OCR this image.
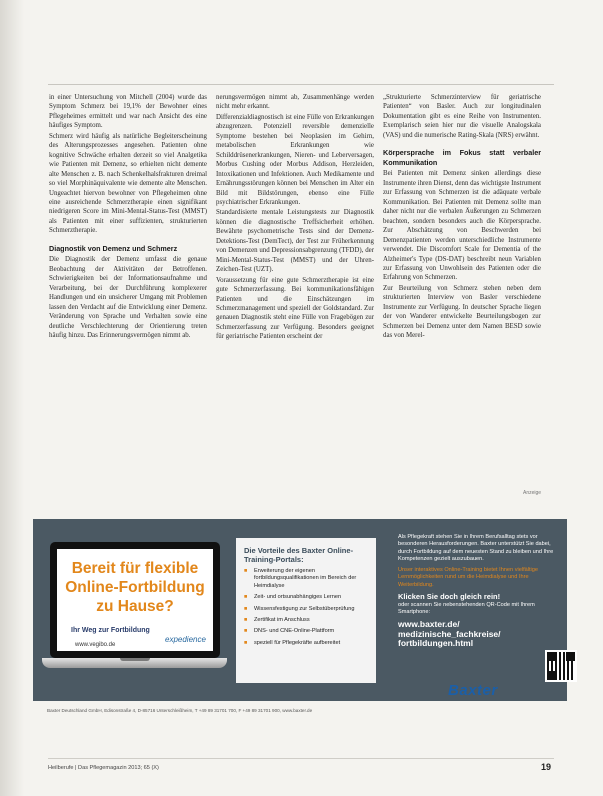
in einer Untersuchung von Mitchell (2004) wurde das Symptom Schmerz bei 19,1% der Bewohner eines Pflegeheimes ermittelt und war nach Ansicht des eine häufiges Symptom.

Schmerz wird häufig als natürliche Begleiterscheinung des Alterungsprozesses angesehen. Patienten ohne kognitive Schwäche erhalten derzeit so viel Analgetika wie Patienten mit Demenz, so erhielten nicht demente alte Menschen z. B. nach Schenkelhalsfrakturen dreimal so viel Morphinäquivalente wie demente alte Menschen. Ungeachtet hiervon bewohner von Pflegeheimen ohne eine ausreichende Schmerztherapie einen signifikant niedrigeren Score im Mini-Mental-Status-Test (MMST) als Patienten mit einer suffizienten, strukturierten Schmerztherapie.

Diagnostik von Demenz und Schmerz

Die Diagnostik der Demenz umfasst die genaue Beobachtung der Aktivitäten der Betroffenen. Schwierigkeiten bei der Informationsaufnahme und Verarbeitung, bei der Durchführung komplexerer Handlungen und ein unsicherer Umgang mit Problemen lassen den Verdacht auf die Entwicklung einer Demenz. Veränderung von Sprache und Verhalten sowie eine deutliche Verschlechterung der Orientierung treten häufig hinzu. Das Erinnerungsvermögen nimmt ab.

nerungsvermögen nimmt ab, Zusammenhänge werden nicht mehr erkannt.

Differenzialdiagnostisch ist eine Fülle von Erkrankungen abzugrenzen. Potenziell reversible demenzielle Symptome bestehen bei Neoplasien im Gehirn, metabolischen Erkrankungen wie Schilddrüsenerkrankungen, Nieren- und Leberversagen, Morbus Cushing oder Morbus Addison, Herzleiden, Intoxikationen und Infektionen. Auch Medikamente und Ernährungsstörungen können bei Menschen im Alter ein Bild mit Bildstörungen, ebenso eine Fülle psychiatrischer Erkrankungen.

Standardisierte mentale Leistungstests zur Diagnostik können die diagnostische Treffsicherheit erhöhen. Bewährte psychometrische Tests sind der Demenz-Detektions-Test (DemTect), der Test zur Früherkennung von Demenzen und Depressionsabgrenzung (TFDD), der Mini-Mental-Status-Test (MMST) und der Uhren-Zeichen-Test (UZT).

Voraussetzung für eine gute Schmerztherapie ist eine gute Schmerzerfassung. Bei kommunikationsfähigen Patienten und die Einschätzungen im Schmerzmanagement und speziell der Goldstandard. Zur genauen Diagnostik steht eine Fülle von Fragebögen zur Schmerzerfassung zur Verfügung. Besonders geeignet für geriatrische Patienten erscheint der

„Strukturierte Schmerzinterview für geriatrische Patienten“ von Basler. Auch zur longitudinalen Dokumentation gibt es eine Reihe von Instrumenten. Exemplarisch seien hier nur die visuelle Analogskala (VAS) und die numerische Rating-Skala (NRS) erwähnt.

Körpersprache im Fokus statt verbaler Kommunikation

Bei Patienten mit Demenz sinken allerdings diese Instrumente ihren Dienst, denn das wichtigste Instrument zur Erfassung von Schmerzen ist die adäquate verbale Kommunikation. Bei Patienten mit Demenz sollte man daher nicht nur die verbalen Äußerungen zu Schmerzen beachten, sondern besonders auch die Körpersprache. Zur Abschätzung von Beschwerden bei Demenzpatienten werden unterschiedliche Instrumente verwendet. Die Discomfort Scale for Dementia of the Alzheimer's Type (DS-DAT) beschreibt neun Variablen zur Erfassung von Unwohlsein des Patienten oder die Erfahrung von Schmerzen.

Zur Beurteilung von Schmerz stehen neben dem strukturierten Interview von Basler verschiedene Instrumente zur Verfügung. In deutscher Sprache liegen der von Wanderer entwickelte Beurteilungsbogen zur Schmerzen bei Demenz unter dem Namen BESD sowie das von Merel-

Anzeige
Bereit für flexible Online-Fortbildung zu Hause?
Ihr Weg zur Fortbildung
www.vegibo.de
expedience
Die Vorteile des Baxter Online-Training-Portals:
■ Erweiterung der eigenen fortbildungsqualifikationen im Bereich der Heimdialyse
■ Zeit- und ortsunabhängiges Lernen
■ Wissensfestigung zur Selbstüberprüfung
■ Zertifikat im Anschluss
■ DNS- und CNE-Online-Plattform
■ speziell für Pflegekräfte aufbereitet

Als Pflegekraft stehen Sie in Ihrem Berufsalltag stets vor besonderen Herausforderungen. Baxter unterstützt Sie dabei, durch Fortbildung auf dem neuesten Stand zu bleiben und Ihre Kompetenzen gezielt auszubauen.

Unser interaktives Online-Training bietet Ihnen vielfältige Lernmöglichkeiten rund um die Heimdialyse und Ihre Weiterbildung.

Klicken Sie doch gleich rein!

oder scannen Sie nebenstehenden QR-Code mit Ihrem Smartphone:

www.baxter.de/ medizinische_fachkreise/ fortbildungen.html
Baxter
Baxter Deutschland GmbH, Edisonstraße 4, D-85716 Unterschleißheim, T +49 89 31701 700, F +49 89 31701 900, www.baxter.de
Heilberufe | Das Pflegemagazin 2013; 65 (X)	19
